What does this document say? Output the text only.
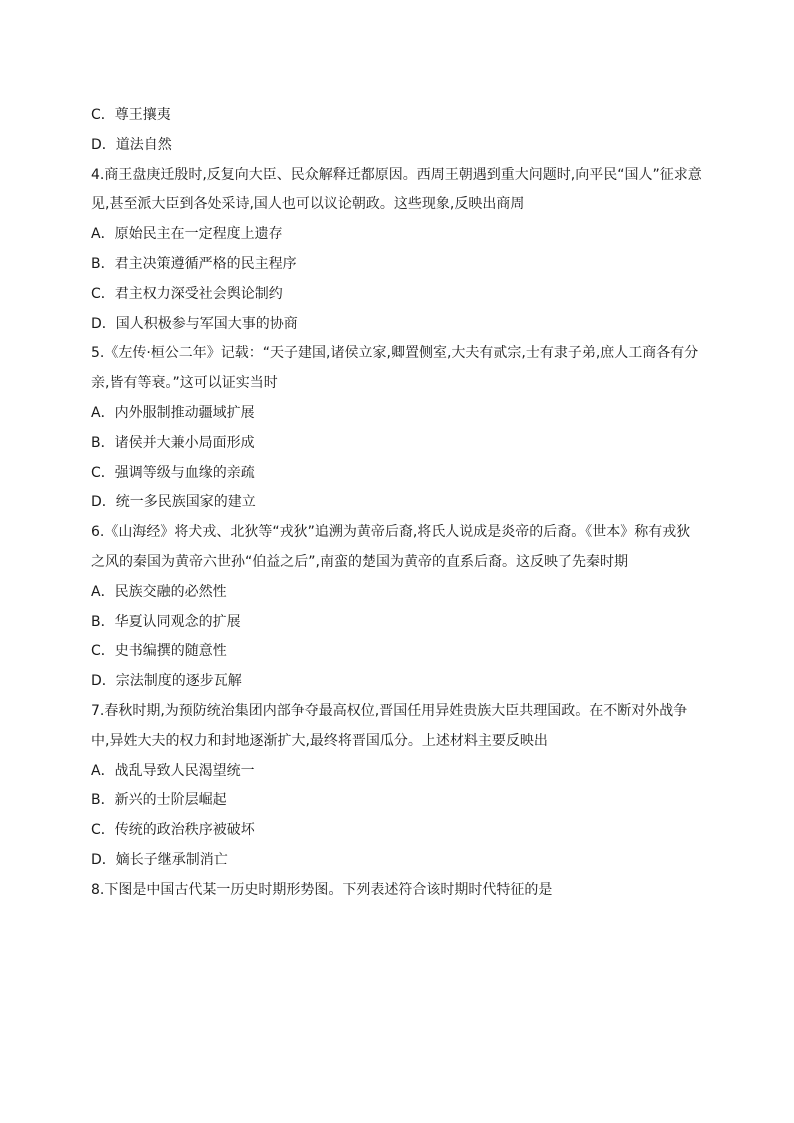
C．尊王攘夷
D．道法自然
4.商王盘庚迁殷时,反复向大臣、民众解释迁都原因。西周王朝遇到重大问题时,向平民“国人”征求意
见,甚至派大臣到各处采诗,国人也可以议论朝政。这些现象,反映出商周
A．原始民主在一定程度上遗存
B．君主决策遵循严格的民主程序
C．君主权力深受社会舆论制约
D．国人积极参与军国大事的协商
5.《左传·桓公二年》记载：“天子建国,诸侯立家,卿置侧室,大夫有贰宗,士有隶子弟,庶人工商各有分
亲,皆有等衰。”这可以证实当时
A．内外服制推动疆域扩展
B．诸侯并大兼小局面形成
C．强调等级与血缘的亲疏
D．统一多民族国家的建立
6.《山海经》将犬戎、北狄等“戎狄”追溯为黄帝后裔,将氏人说成是炎帝的后裔。《世本》称有戎狄
之风的秦国为黄帝六世孙“伯益之后”,南蛮的楚国为黄帝的直系后裔。这反映了先秦时期
A．民族交融的必然性
B．华夏认同观念的扩展
C．史书编撰的随意性
D．宗法制度的逐步瓦解
7.春秋时期,为预防统治集团内部争夺最高权位,晋国任用异姓贵族大臣共理国政。在不断对外战争
中,异姓大夫的权力和封地逐渐扩大,最终将晋国瓜分。上述材料主要反映出
A．战乱导致人民渴望统一
B．新兴的士阶层崛起
C．传统的政治秩序被破坏
D．嫡长子继承制消亡
8.下图是中国古代某一历史时期形势图。下列表述符合该时期时代特征的是
